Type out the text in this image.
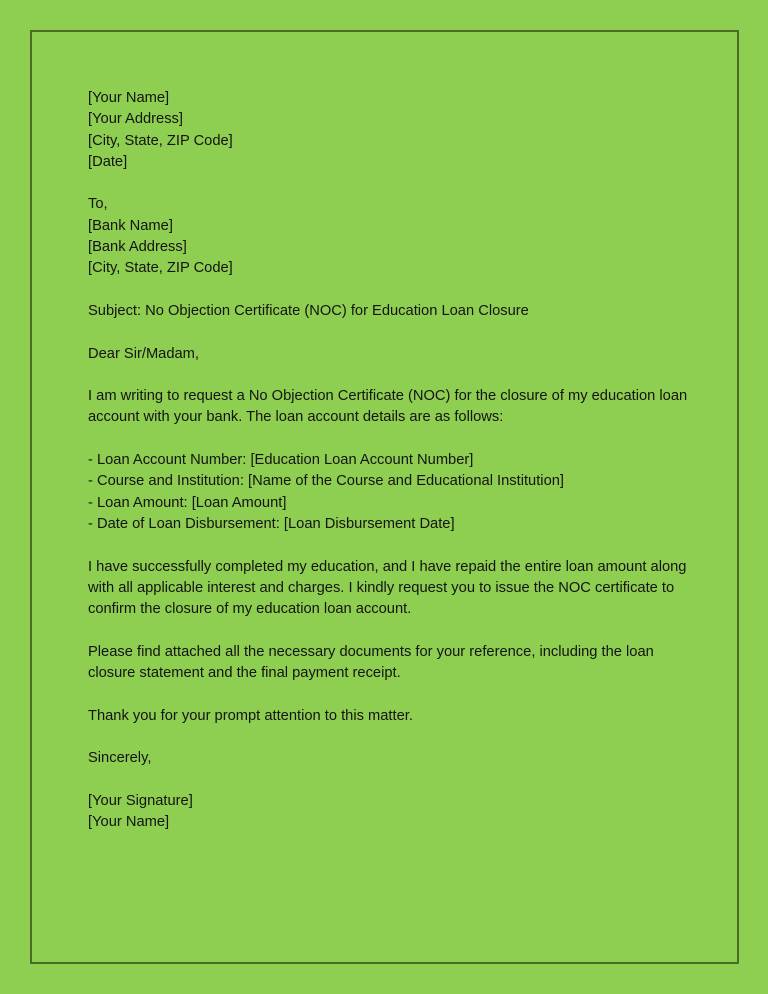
[Your Name]
[Your Address]
[City, State, ZIP Code]
[Date]
To,
[Bank Name]
[Bank Address]
[City, State, ZIP Code]
Subject: No Objection Certificate (NOC) for Education Loan Closure
Dear Sir/Madam,
I am writing to request a No Objection Certificate (NOC) for the closure of my education loan account with your bank. The loan account details are as follows:
- Loan Account Number: [Education Loan Account Number]
- Course and Institution: [Name of the Course and Educational Institution]
- Loan Amount: [Loan Amount]
- Date of Loan Disbursement: [Loan Disbursement Date]
I have successfully completed my education, and I have repaid the entire loan amount along with all applicable interest and charges. I kindly request you to issue the NOC certificate to confirm the closure of my education loan account.
Please find attached all the necessary documents for your reference, including the loan closure statement and the final payment receipt.
Thank you for your prompt attention to this matter.
Sincerely,
[Your Signature]
[Your Name]
